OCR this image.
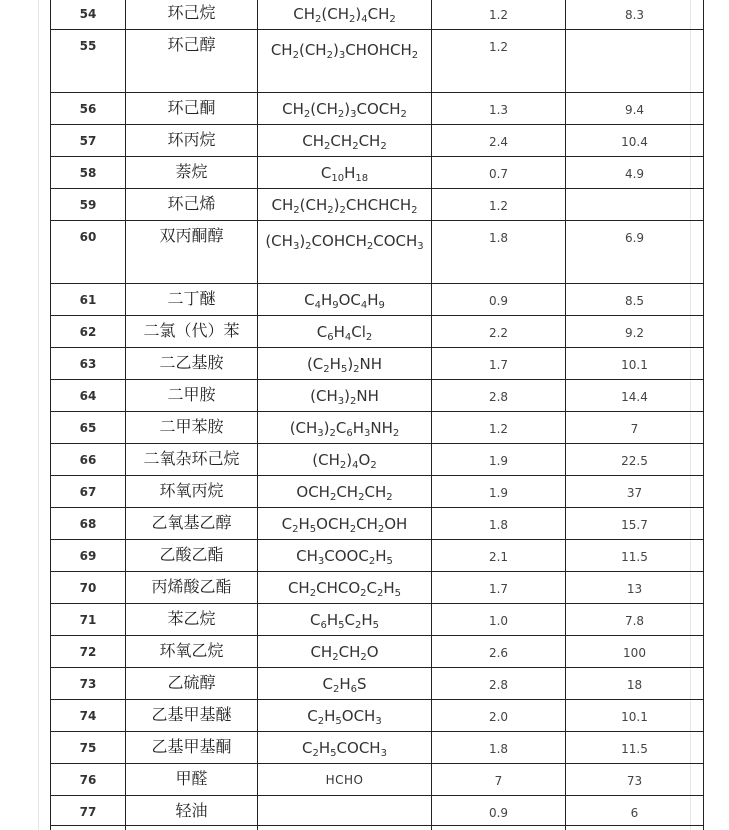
54	环己烷	$CH_2(CH_2)_4CH_2$	1.2	8.3

55	环己醇	$CH_2(CH_2)_3CHOHCH_2$	1.2	

56	环己酮	$CH_2(CH_2)_3COCH_2$	1.3	9.4

57	环丙烷	$CH_2CH_2CH_2$	2.4	10.4

58	萘烷	$C_{10}H_{18}$	0.7	4.9

59	环己烯	$CH_2(CH_2)_2CHCHCH_2$	1.2	

60	双丙酮醇	$(CH_3)_2COHCH_2COCH_3$	1.8	6.9

61	二丁醚	$C_4H_9OC_4H_9$	0.9	8.5

62	二氯（代）苯	$C_6H_4Cl_2$	2.2	9.2

63	二乙基胺	$(C_2H_5)_2NH$	1.7	10.1

64	二甲胺	$(CH_3)_2NH$	2.8	14.4

65	二甲苯胺	$(CH_3)_2C_6H_3NH_2$	1.2	7

66	二氧杂环己烷	$(CH_2)_4O_2$	1.9	22.5

67	环氧丙烷	$OCH_2CH_2CH_2$	1.9	37

68	乙氧基乙醇	$C_2H_5OCH_2CH_2OH$	1.8	15.7

69	乙酸乙酯	$CH_3COOC_2H_5$	2.1	11.5

70	丙烯酸乙酯	$CH_2CHCO_2C_2H_5$	1.7	13

71	苯乙烷	$C_6H_5C_2H_5$	1.0	7.8

72	环氧乙烷	$CH_2CH_2O$	2.6	100

73	乙硫醇	$C_2H_6S$	2.8	18

74	乙基甲基醚	$C_2H_5OCH_3$	2.0	10.1

75	乙基甲基酮	$C_2H_5COCH_3$	1.8	11.5

76	甲醛	HCHO	7	73

77	轻油		0.9	6
